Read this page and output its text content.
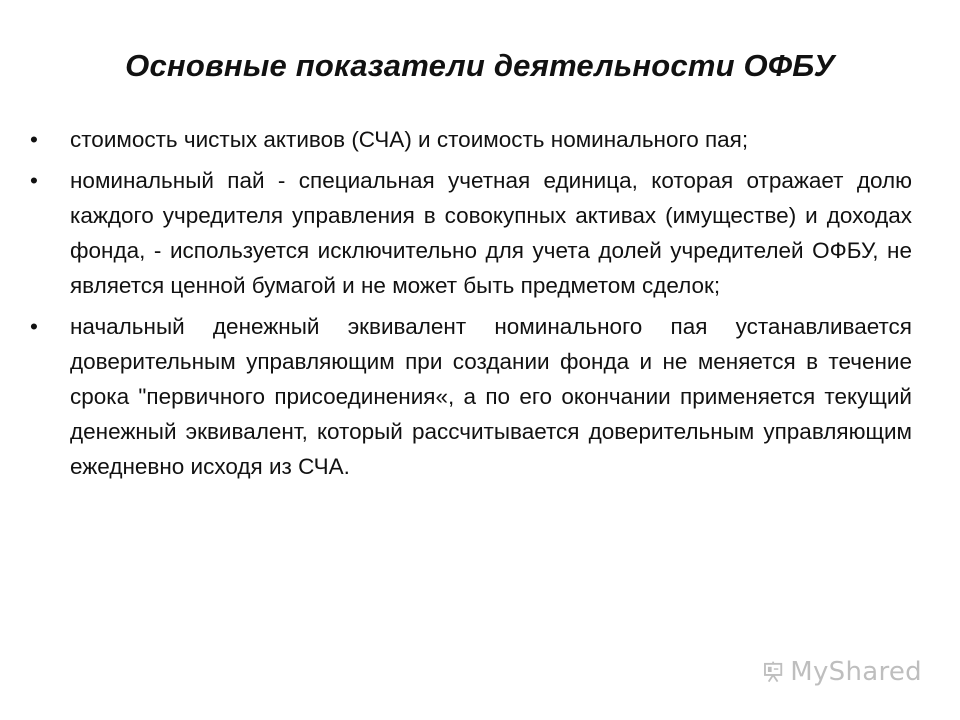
Основные показатели деятельности ОФБУ
•	стоимость чистых активов (СЧА) и стоимость номинального пая;
•	номинальный пай - специальная учетная единица, которая отражает долю каждого учредителя управления в совокупных активах (имуществе) и доходах фонда, - используется исключительно для учета долей учредителей ОФБУ, не является ценной бумагой и не может быть предметом сделок;
•	начальный денежный эквивалент номинального пая устанавливается доверительным управляющим при создании фонда и не меняется в течение срока "первичного присоединения«, а по его окончании применяется текущий денежный эквивалент, который рассчитывается доверительным управляющим ежедневно исходя из СЧА.
MyShared
